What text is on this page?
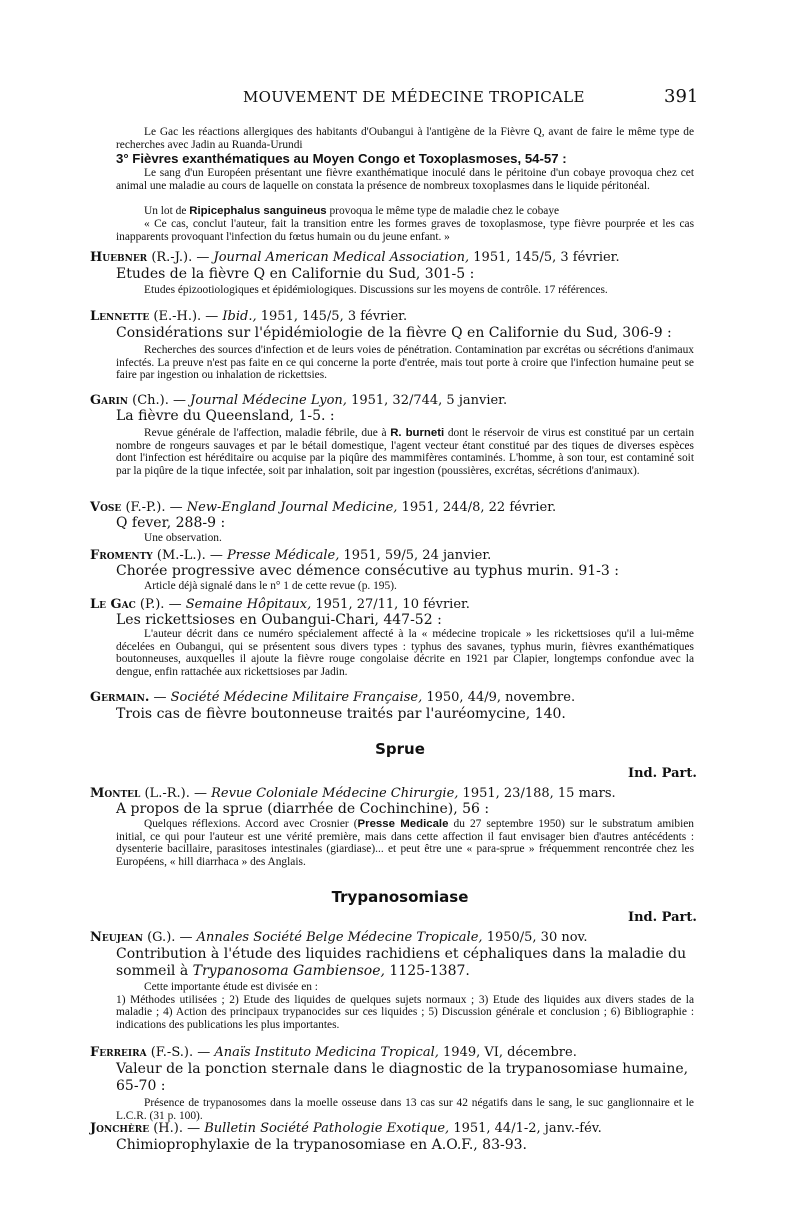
MOUVEMENT DE MÉDECINE TROPICALE	391

Le Gac les réactions allergiques des habitants d'Oubangui à l'antigène de la Fièvre Q, avant de faire le même type de recherches avec Jadin au Ruanda-Urundi

3° Fièvres exanthématiques au Moyen Congo et Toxoplasmoses, 54-57 :

Le sang d'un Européen présentant une fièvre exanthématique inoculé dans le péritoine d'un cobaye provoqua chez cet animal une maladie au cours de laquelle on constata la présence de nombreux toxoplasmes dans le liquide péritonéal.

Un lot de Ripicephalus sanguineus provoqua le même type de maladie chez le cobaye

« Ce cas, conclut l'auteur, fait la transition entre les formes graves de toxoplasmose, type fièvre pourprée et les cas inapparents provoquant l'infection du fœtus humain ou du jeune enfant. »

Huebner (R.-J.). — Journal American Medical Association, 1951, 145/5, 3 février.
Etudes de la fièvre Q en Californie du Sud, 301-5 :

Etudes épizootiologiques et épidémiologiques. Discussions sur les moyens de contrôle. 17 références.

Lennette (E.-H.). — Ibid., 1951, 145/5, 3 février.
Considérations sur l'épidémiologie de la fièvre Q en Californie du Sud, 306-9 :

Recherches des sources d'infection et de leurs voies de pénétration. Contamination par excrétas ou sécrétions d'animaux infectés. La preuve n'est pas faite en ce qui concerne la porte d'entrée, mais tout porte à croire que l'infection humaine peut se faire par ingestion ou inhalation de rickettsies.

Garin (Ch.). — Journal Médecine Lyon, 1951, 32/744, 5 janvier.
La fièvre du Queensland, 1-5. :

Revue générale de l'affection, maladie fébrile, due à R. burneti dont le réservoir de virus est constitué par un certain nombre de rongeurs sauvages et par le bétail domestique, l'agent vecteur étant constitué par des tiques de diverses espèces dont l'infection est héréditaire ou acquise par la piqûre des mammifères contaminés. L'homme, à son tour, est contaminé soit par la piqûre de la tique infectée, soit par inhalation, soit par ingestion (poussières, excrétas, sécrétions d'animaux).

Vose (F.-P.). — New-England Journal Medicine, 1951, 244/8, 22 février.
Q fever, 288-9 :

Une observation.

Fromenty (M.-L.). — Presse Médicale, 1951, 59/5, 24 janvier.
Chorée progressive avec démence consécutive au typhus murin. 91-3 :

Article déjà signalé dans le n° 1 de cette revue (p. 195).

Le Gac (P.). — Semaine Hôpitaux, 1951, 27/11, 10 février.
Les rickettsioses en Oubangui-Chari, 447-52 :

L'auteur décrit dans ce numéro spécialement affecté à la « médecine tropicale » les rickettsioses qu'il a lui-même décelées en Oubangui, qui se présentent sous divers types : typhus des savanes, typhus murin, fièvres exanthématiques boutonneuses, auxquelles il ajoute la fièvre rouge congolaise décrite en 1921 par Clapier, longtemps confondue avec la dengue, enfin rattachée aux rickettsioses par Jadin.

Germain. — Société Médecine Militaire Française, 1950, 44/9, novembre.
Trois cas de fièvre boutonneuse traités par l'auréomycine, 140.
Sprue
Ind. Part.
Montel (L.-R.). — Revue Coloniale Médecine Chirurgie, 1951, 23/188, 15 mars.
A propos de la sprue (diarrhée de Cochinchine), 56 :

Quelques réflexions. Accord avec Crosnier (Presse Medicale du 27 septembre 1950) sur le substratum amibien initial, ce qui pour l'auteur est une vérité première, mais dans cette affection il faut envisager bien d'autres antécédents : dysenterie bacillaire, parasitoses intestinales (giardiase)... et peut être une « para-sprue » fréquemment rencontrée chez les Européens, « hill diarrhaca » des Anglais.

Trypanosomiase
Ind. Part.
Neujean (G.). — Annales Société Belge Médecine Tropicale, 1950/5, 30 nov.
Contribution à l'étude des liquides rachidiens et céphaliques dans la maladie du sommeil à Trypanosoma Gambiensoe, 1125-1387.

Cette importante étude est divisée en :

1) Méthodes utilisées ; 2) Etude des liquides de quelques sujets normaux ; 3) Etude des liquides aux divers stades de la maladie ; 4) Action des principaux trypanocides sur ces liquides ; 5) Discussion générale et conclusion ; 6) Bibliographie : indications des publications les plus importantes.

Ferreira (F.-S.). — Anaïs Instituto Medicina Tropical, 1949, VI, décembre.
Valeur de la ponction sternale dans le diagnostic de la trypanosomiase humaine, 65-70 :

Présence de trypanosomes dans la moelle osseuse dans 13 cas sur 42 négatifs dans le sang, le suc ganglionnaire et le L.C.R. (31 p. 100).

Jonchère (H.). — Bulletin Société Pathologie Exotique, 1951, 44/1-2, janv.-fév.
Chimioprophylaxie de la trypanosomiase en A.O.F., 83-93.
